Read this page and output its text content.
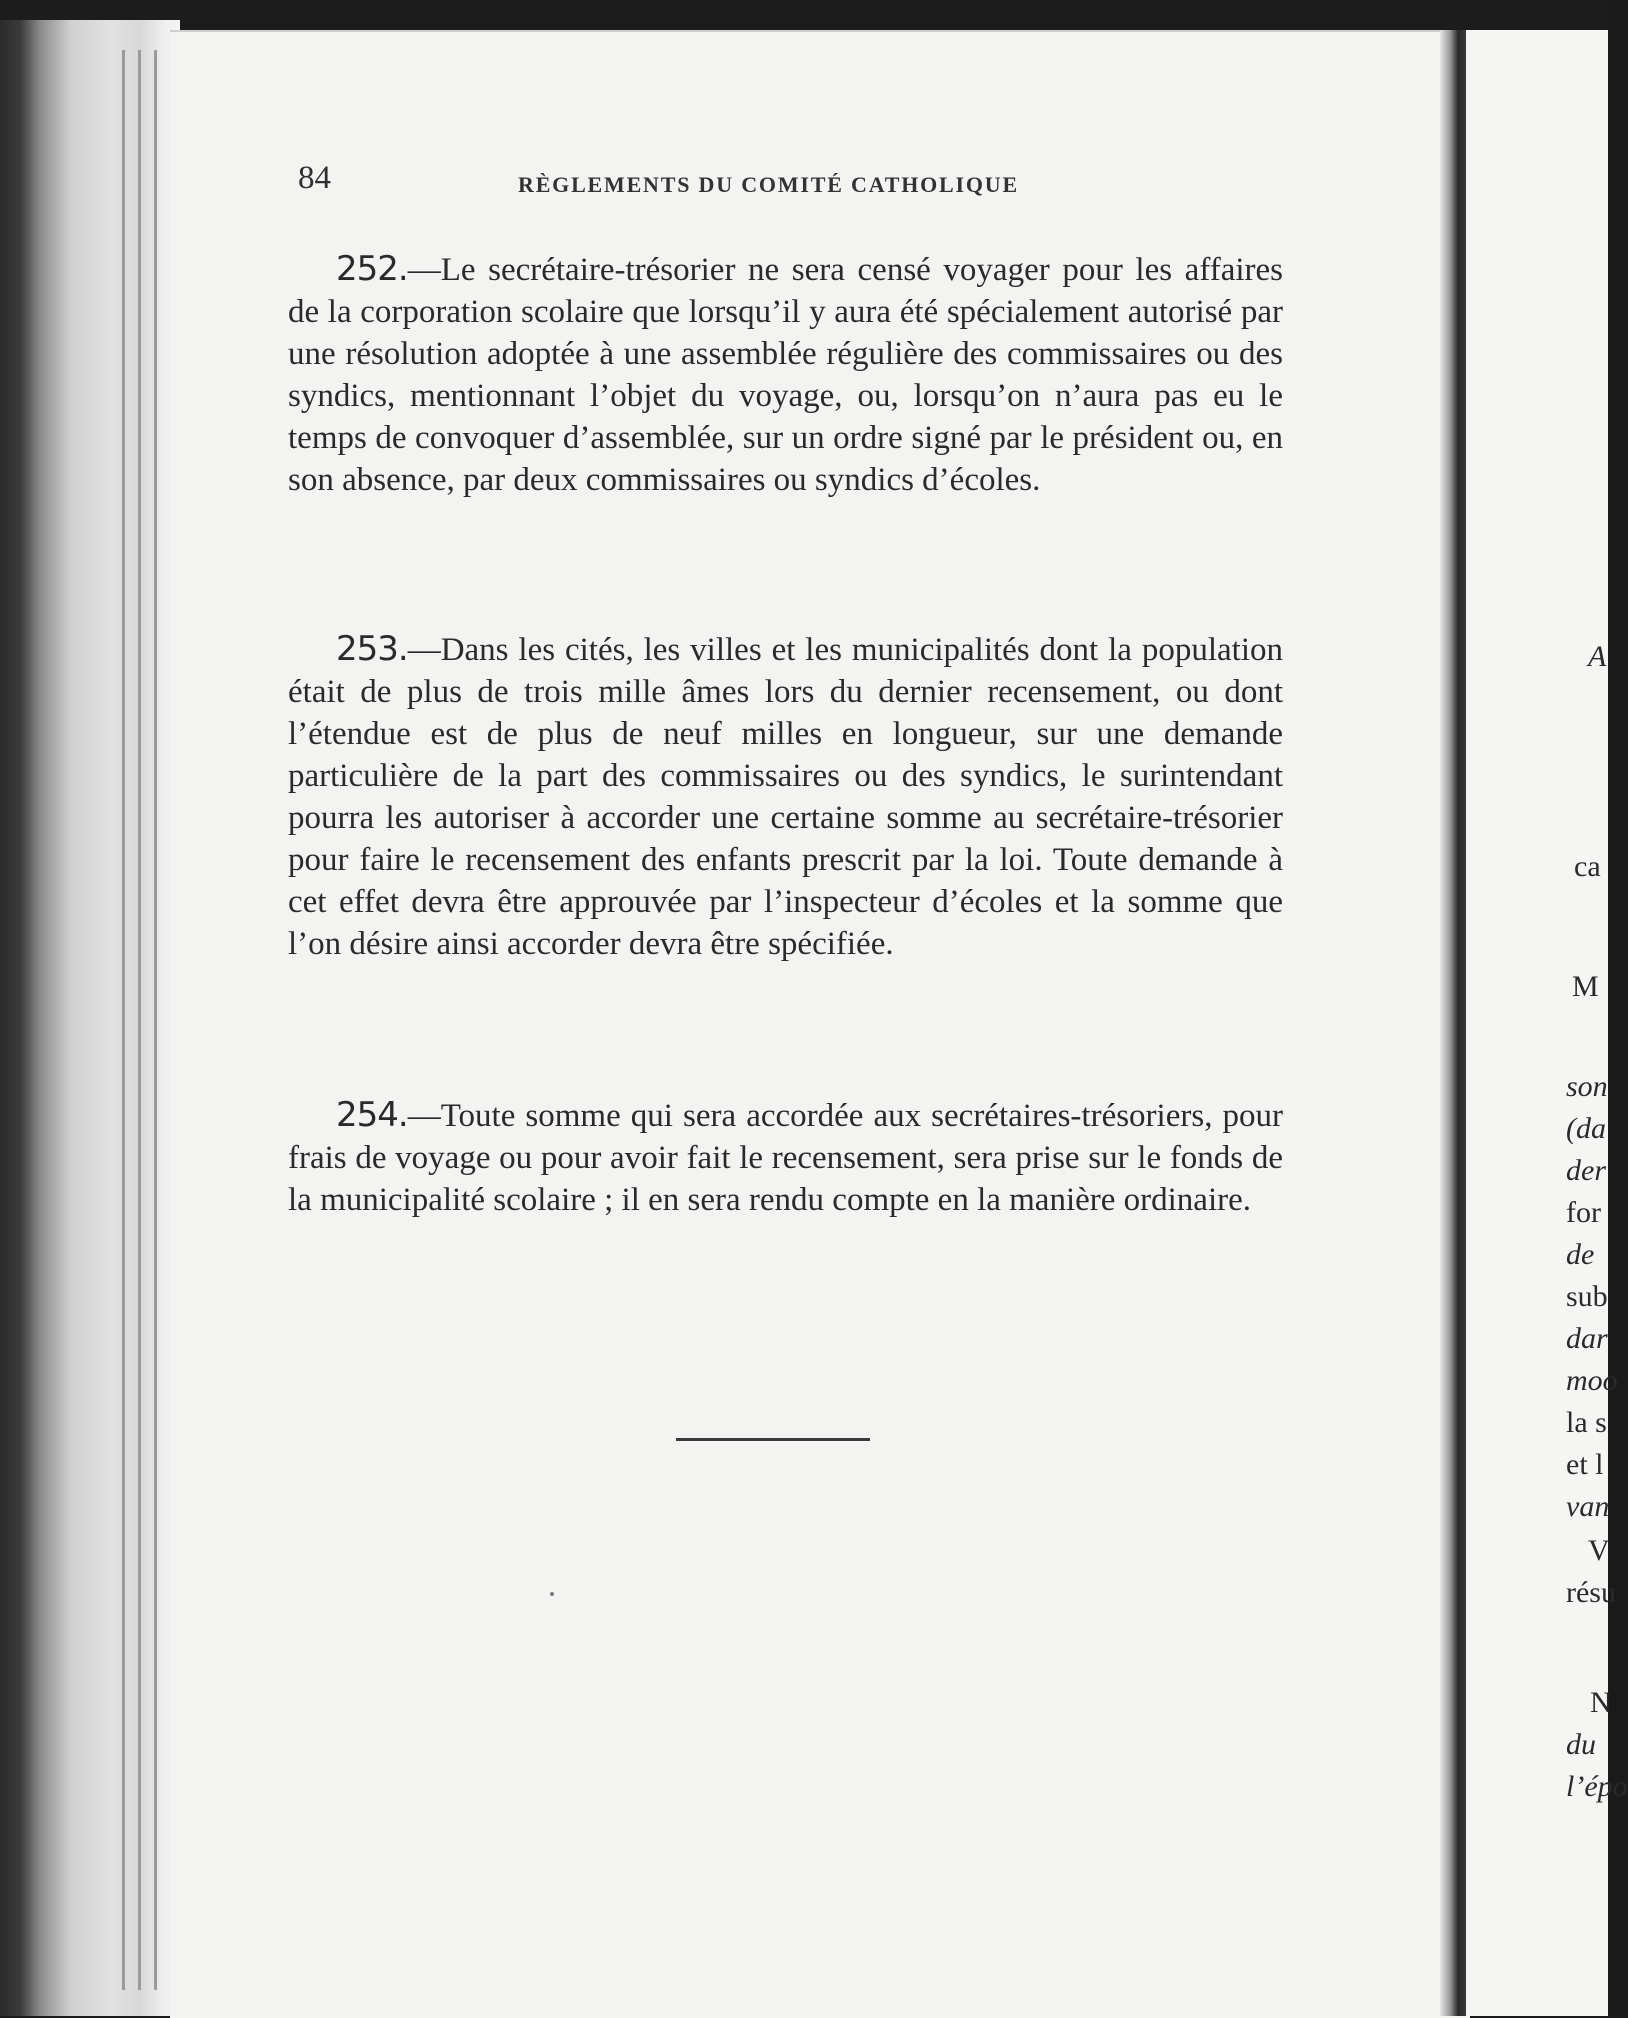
84	RÈGLEMENTS DU COMITÉ CATHOLIQUE
252.—Le secrétaire-trésorier ne sera censé voyager pour les affaires de la corporation scolaire que lorsqu’il y aura été spécialement autorisé par une résolution adoptée à une assemblée régulière des commissaires ou des syndics, mentionnant l’objet du voyage, ou, lorsqu’on n’aura pas eu le temps de convoquer d’assemblée, sur un ordre signé par le président ou, en son absence, par deux commissaires ou syndics d’écoles.
253.—Dans les cités, les villes et les municipalités dont la population était de plus de trois mille âmes lors du dernier recensement, ou dont l’étendue est de plus de neuf milles en longueur, sur une demande particulière de la part des commissaires ou des syndics, le surintendant pourra les autoriser à accorder une certaine somme au secrétaire-trésorier pour faire le recensement des enfants prescrit par la loi. Toute demande à cet effet devra être approuvée par l’inspecteur d’écoles et la somme que l’on désire ainsi accorder devra être spécifiée.
254.—Toute somme qui sera accordée aux secrétaires-trésoriers, pour frais de voyage ou pour avoir fait le recensement, sera prise sur le fonds de la municipalité scolaire ; il en sera rendu compte en la manière ordinaire.
A
ca
M
son
(da
der
for
de
sub
dar
moo
la s
et l
van
V
résu
N
du
l’épo
